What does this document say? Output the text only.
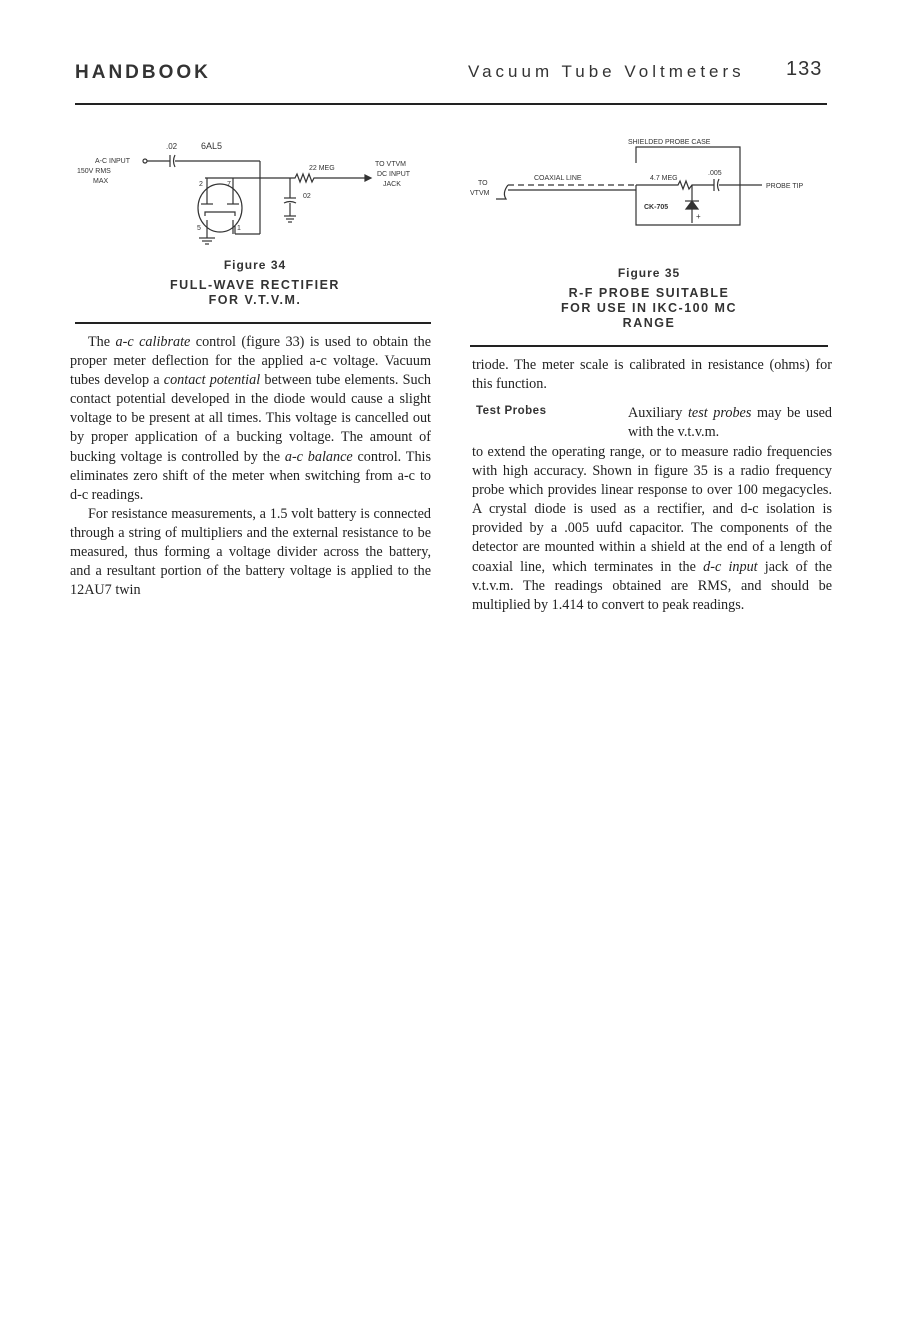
HANDBOOK	Vacuum Tube Voltmeters 133
.02	6AL5
A-C INPUT
150V RMS
MAX
22 MEG
02
TO VTVM
DC INPUT
JACK
2	7
5	1
Figure 34
FULL-WAVE RECTIFIER
FOR V.T.V.M.
SHIELDED PROBE CASE
COAXIAL LINE	4.7 MEG
.005
PROBE TIP
TO
VTVM
CK-705
+
Figure 35
R-F PROBE SUITABLE
FOR USE IN IKC-100 MC
RANGE

The a-c calibrate control (figure 33) is used to obtain the proper meter deflection for the applied a-c voltage. Vacuum tubes develop a contact potential between tube elements. Such contact potential developed in the diode would cause a slight voltage to be present at all times. This voltage is cancelled out by proper application of a bucking voltage. The amount of bucking voltage is controlled by the a-c balance control. This eliminates zero shift of the meter when switching from a-c to d-c readings.

For resistance measurements, a 1.5 volt battery is connected through a string of multipliers and the external resistance to be measured, thus forming a voltage divider across the battery, and a resultant portion of the battery voltage is applied to the 12AU7 twin

triode. The meter scale is calibrated in resistance (ohms) for this function.

Test Probes	Auxiliary test probes may be used with the v.t.v.m.

to extend the operating range, or to measure radio frequencies with high accuracy. Shown in figure 35 is a radio frequency probe which provides linear response to over 100 megacycles. A crystal diode is used as a rectifier, and d-c isolation is provided by a .005 uufd capacitor. The components of the detector are mounted within a shield at the end of a length of coaxial line, which terminates in the d-c input jack of the v.t.v.m. The readings obtained are RMS, and should be multiplied by 1.414 to convert to peak readings.
